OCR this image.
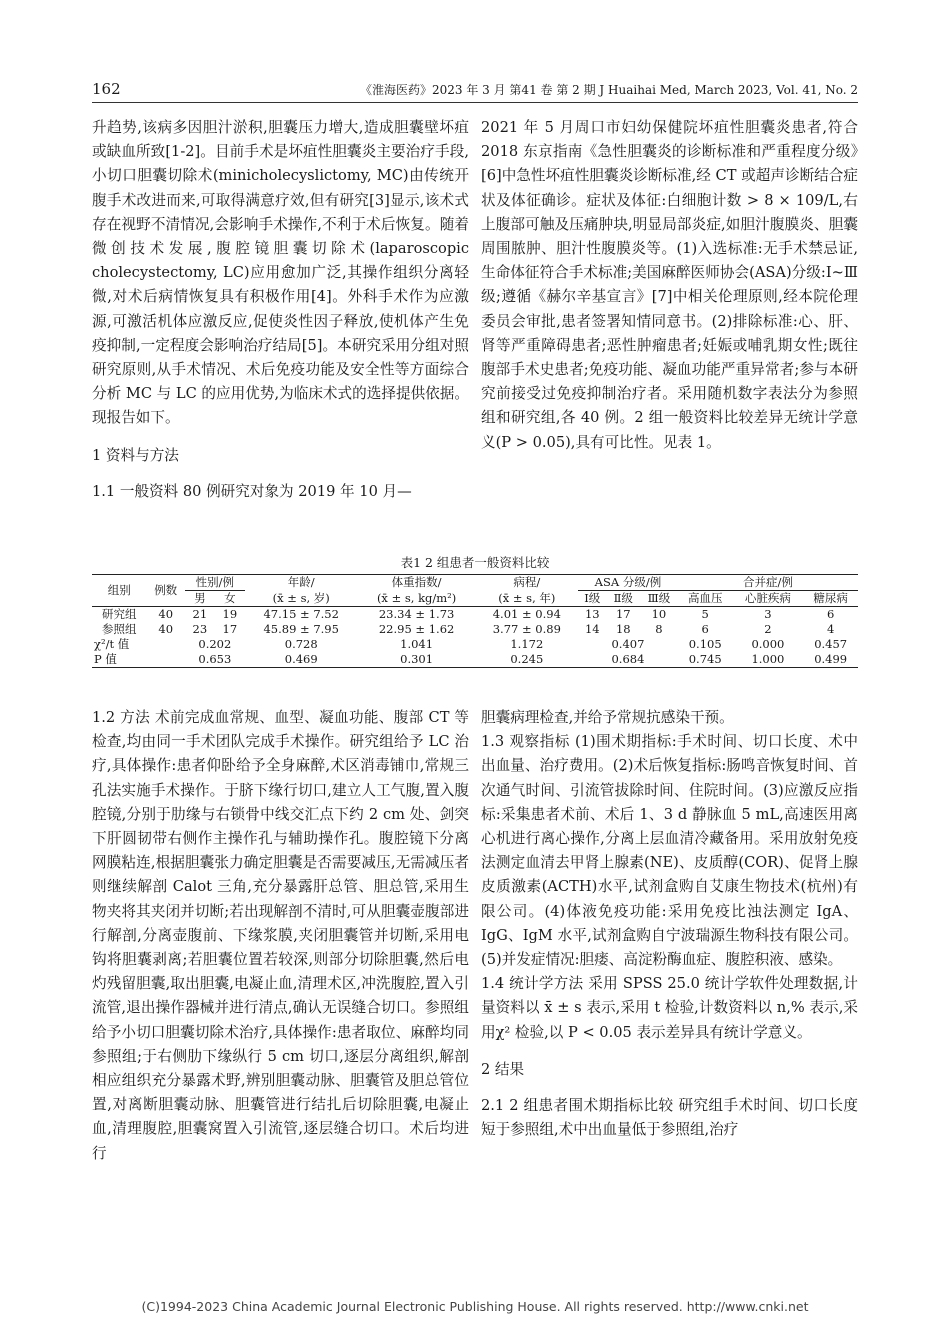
162	《淮海医药》2023 年 3 月 第41 卷 第 2 期 J Huaihai Med, March 2023, Vol. 41, No. 2

升趋势,该病多因胆汁淤积,胆囊压力增大,造成胆囊壁坏疽或缺血所致[1-2]。目前手术是坏疽性胆囊炎主要治疗手段,小切口胆囊切除术(minicholecyslictomy, MC)由传统开腹手术改进而来,可取得满意疗效,但有研究[3]显示,该术式存在视野不清情况,会影响手术操作,不利于术后恢复。随着微创技术发展,腹腔镜胆囊切除术(laparoscopic cholecystectomy, LC)应用愈加广泛,其操作组织分离轻微,对术后病情恢复具有积极作用[4]。外科手术作为应激源,可激活机体应激反应,促使炎性因子释放,使机体产生免疫抑制,一定程度会影响治疗结局[5]。本研究采用分组对照研究原则,从手术情况、术后免疫功能及安全性等方面综合分析 MC 与 LC 的应用优势,为临床术式的选择提供依据。现报告如下。

1 资料与方法

1.1 一般资料 80 例研究对象为 2019 年 10 月—

2021 年 5 月周口市妇幼保健院坏疽性胆囊炎患者,符合 2018 东京指南《急性胆囊炎的诊断标准和严重程度分级》[6]中急性坏疽性胆囊炎诊断标准,经 CT 或超声诊断结合症状及体征确诊。症状及体征:白细胞计数 > 8 × 109/L,右上腹部可触及压痛肿块,明显局部炎症,如胆汁腹膜炎、胆囊周围脓肿、胆汁性腹膜炎等。(1)入选标准:无手术禁忌证,生命体征符合手术标准;美国麻醉医师协会(ASA)分级:Ⅰ~Ⅲ级;遵循《赫尔辛基宣言》[7]中相关伦理原则,经本院伦理委员会审批,患者签署知情同意书。(2)排除标准:心、肝、肾等严重障碍患者;恶性肿瘤患者;妊娠或哺乳期女性;既往腹部手术史患者;免疫功能、凝血功能严重异常者;参与本研究前接受过免疫抑制治疗者。采用随机数字表法分为参照组和研究组,各 40 例。2 组一般资料比较差异无统计学意义(P > 0.05),具有可比性。见表 1。

表1 2 组患者一般资料比较
组别	例数	性别/例		年龄/	体重指数/	病程/	ASA 分级/例			合并症/例		
		男	女	(x̄ ± s, 岁)	(x̄ ± s, kg/m²)	(x̄ ± s, 年)	Ⅰ级	Ⅱ级	Ⅲ级	高血压	心脏疾病	糖尿病
研究组	40	21	19	47.15 ± 7.52	23.34 ± 1.73	4.01 ± 0.94	13	17	10	5	3	6
参照组	40	23	17	45.89 ± 7.95	22.95 ± 1.62	3.77 ± 0.89	14	18	8	6	2	4
χ²/t 值		0.202		0.728	1.041	1.172	0.407			0.105	0.000	0.457
P 值		0.653		0.469	0.301	0.245	0.684			0.745	1.000	0.499

1.2 方法 术前完成血常规、血型、凝血功能、腹部 CT 等检查,均由同一手术团队完成手术操作。研究组给予 LC 治疗,具体操作:患者仰卧给予全身麻醉,术区消毒铺巾,常规三孔法实施手术操作。于脐下缘行切口,建立人工气腹,置入腹腔镜,分别于肋缘与右锁骨中线交汇点下约 2 cm 处、剑突下肝圆韧带右侧作主操作孔与辅助操作孔。腹腔镜下分离网膜粘连,根据胆囊张力确定胆囊是否需要减压,无需减压者则继续解剖 Calot 三角,充分暴露肝总管、胆总管,采用生物夹将其夹闭并切断;若出现解剖不清时,可从胆囊壶腹部进行解剖,分离壶腹前、下缘浆膜,夹闭胆囊管并切断,采用电钩将胆囊剥离;若胆囊位置若较深,则部分切除胆囊,然后电灼残留胆囊,取出胆囊,电凝止血,清理术区,冲洗腹腔,置入引流管,退出操作器械并进行清点,确认无误缝合切口。参照组给予小切口胆囊切除术治疗,具体操作:患者取位、麻醉均同参照组;于右侧肋下缘纵行 5 cm 切口,逐层分离组织,解剖相应组织充分暴露术野,辨别胆囊动脉、胆囊管及胆总管位置,对离断胆囊动脉、胆囊管进行结扎后切除胆囊,电凝止血,清理腹腔,胆囊窝置入引流管,逐层缝合切口。术后均进行

胆囊病理检查,并给予常规抗感染干预。

1.3 观察指标 (1)围术期指标:手术时间、切口长度、术中出血量、治疗费用。(2)术后恢复指标:肠鸣音恢复时间、首次通气时间、引流管拔除时间、住院时间。(3)应激反应指标:采集患者术前、术后 1、3 d 静脉血 5 mL,高速医用离心机进行离心操作,分离上层血清冷藏备用。采用放射免疫法测定血清去甲肾上腺素(NE)、皮质醇(COR)、促肾上腺皮质激素(ACTH)水平,试剂盒购自艾康生物技术(杭州)有限公司。(4)体液免疫功能:采用免疫比浊法测定 IgA、IgG、IgM 水平,试剂盒购自宁波瑞源生物科技有限公司。(5)并发症情况:胆瘘、高淀粉酶血症、腹腔积液、感染。

1.4 统计学方法 采用 SPSS 25.0 统计学软件处理数据,计量资料以 x̄ ± s 表示,采用 t 检验,计数资料以 n,% 表示,采用χ² 检验,以 P < 0.05 表示差异具有统计学意义。

2 结果

2.1 2 组患者围术期指标比较 研究组手术时间、切口长度短于参照组,术中出血量低于参照组,治疗

(C)1994-2023 China Academic Journal Electronic Publishing House. All rights reserved. http://www.cnki.net
